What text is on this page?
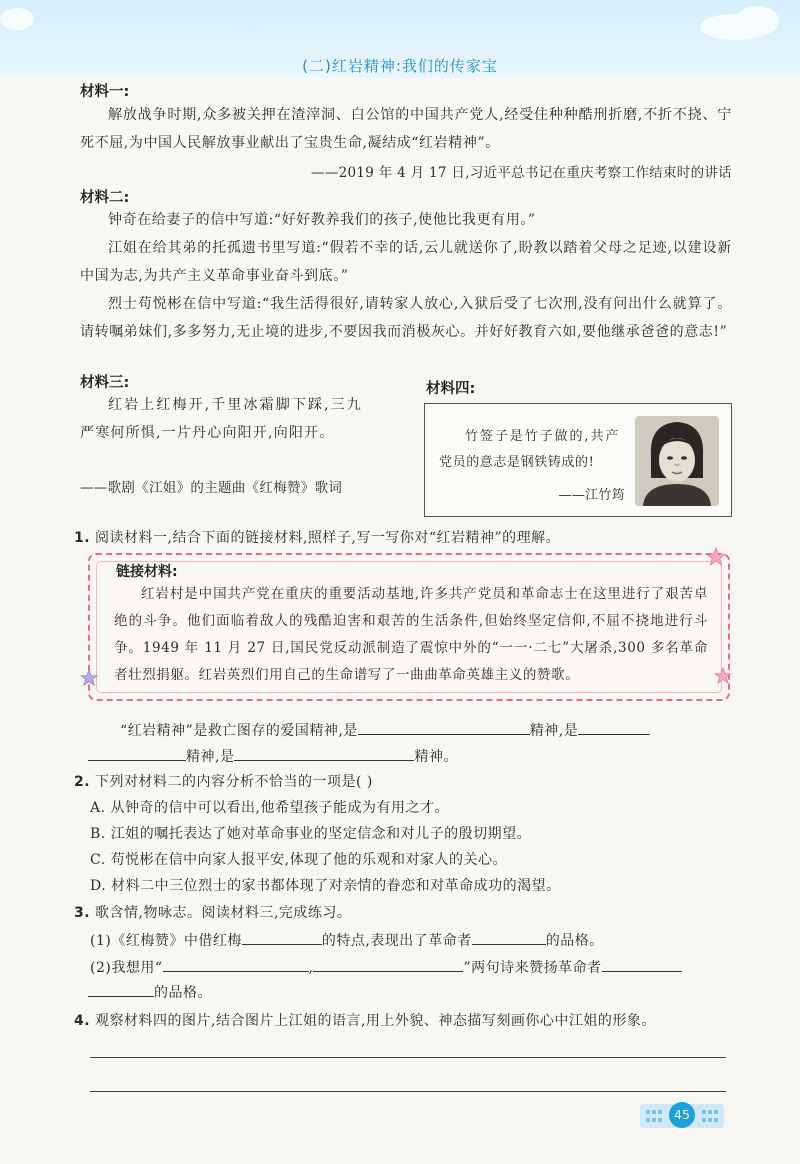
(二)红岩精神:我们的传家宝
材料一:
解放战争时期,众多被关押在渣滓洞、白公馆的中国共产党人,经受住种种酷刑折磨,不折不挠、宁死不屈,为中国人民解放事业献出了宝贵生命,凝结成“红岩精神”。
——2019 年 4 月 17 日,习近平总书记在重庆考察工作结束时的讲话
材料二:
钟奇在给妻子的信中写道:“好好教养我们的孩子,使他比我更有用。”
江姐在给其弟的托孤遗书里写道:“假若不幸的话,云儿就送你了,盼教以踏着父母之足迹,以建设新中国为志,为共产主义革命事业奋斗到底。”
烈士苟悦彬在信中写道:“我生活得很好,请转家人放心,入狱后受了七次刑,没有问出什么就算了。请转嘱弟妹们,多多努力,无止境的进步,不要因我而消极灰心。并好好教育六如,要他继承爸爸的意志!”
材料三:
红岩上红梅开,千里冰霜脚下踩,三九严寒何所惧,一片丹心向阳开,向阳开。
——歌剧《江姐》的主题曲《红梅赞》歌词
材料四:
竹签子是竹子做的,共产党员的意志是钢铁铸成的!
——江竹筠
1. 阅读材料一,结合下面的链接材料,照样子,写一写你对“红岩精神”的理解。
链接材料:
红岩村是中国共产党在重庆的重要活动基地,许多共产党员和革命志士在这里进行了艰苦卓绝的斗争。他们面临着敌人的残酷迫害和艰苦的生活条件,但始终坚定信仰,不屈不挠地进行斗争。1949 年 11 月 27 日,国民党反动派制造了震惊中外的“一一·二七”大屠杀,300 多名革命者壮烈捐躯。红岩英烈们用自己的生命谱写了一曲曲革命英雄主义的赞歌。
“红岩精神”是救亡图存的爱国精神,是	精神,是
精神,是	精神。
2. 下列对材料二的内容分析不恰当的一项是( )
A. 从钟奇的信中可以看出,他希望孩子能成为有用之才。
B. 江姐的嘱托表达了她对革命事业的坚定信念和对儿子的殷切期望。
C. 苟悦彬在信中向家人报平安,体现了他的乐观和对家人的关心。
D. 材料二中三位烈士的家书都体现了对亲情的眷恋和对革命成功的渴望。
3. 歌含情,物咏志。阅读材料三,完成练习。
(1)《红梅赞》中借红梅	的特点,表现出了革命者	的品格。
(2)我想用“	,	”两句诗来赞扬革命者
的品格。
4. 观察材料四的图片,结合图片上江姐的语言,用上外貌、神态描写刻画你心中江姐的形象。
45
